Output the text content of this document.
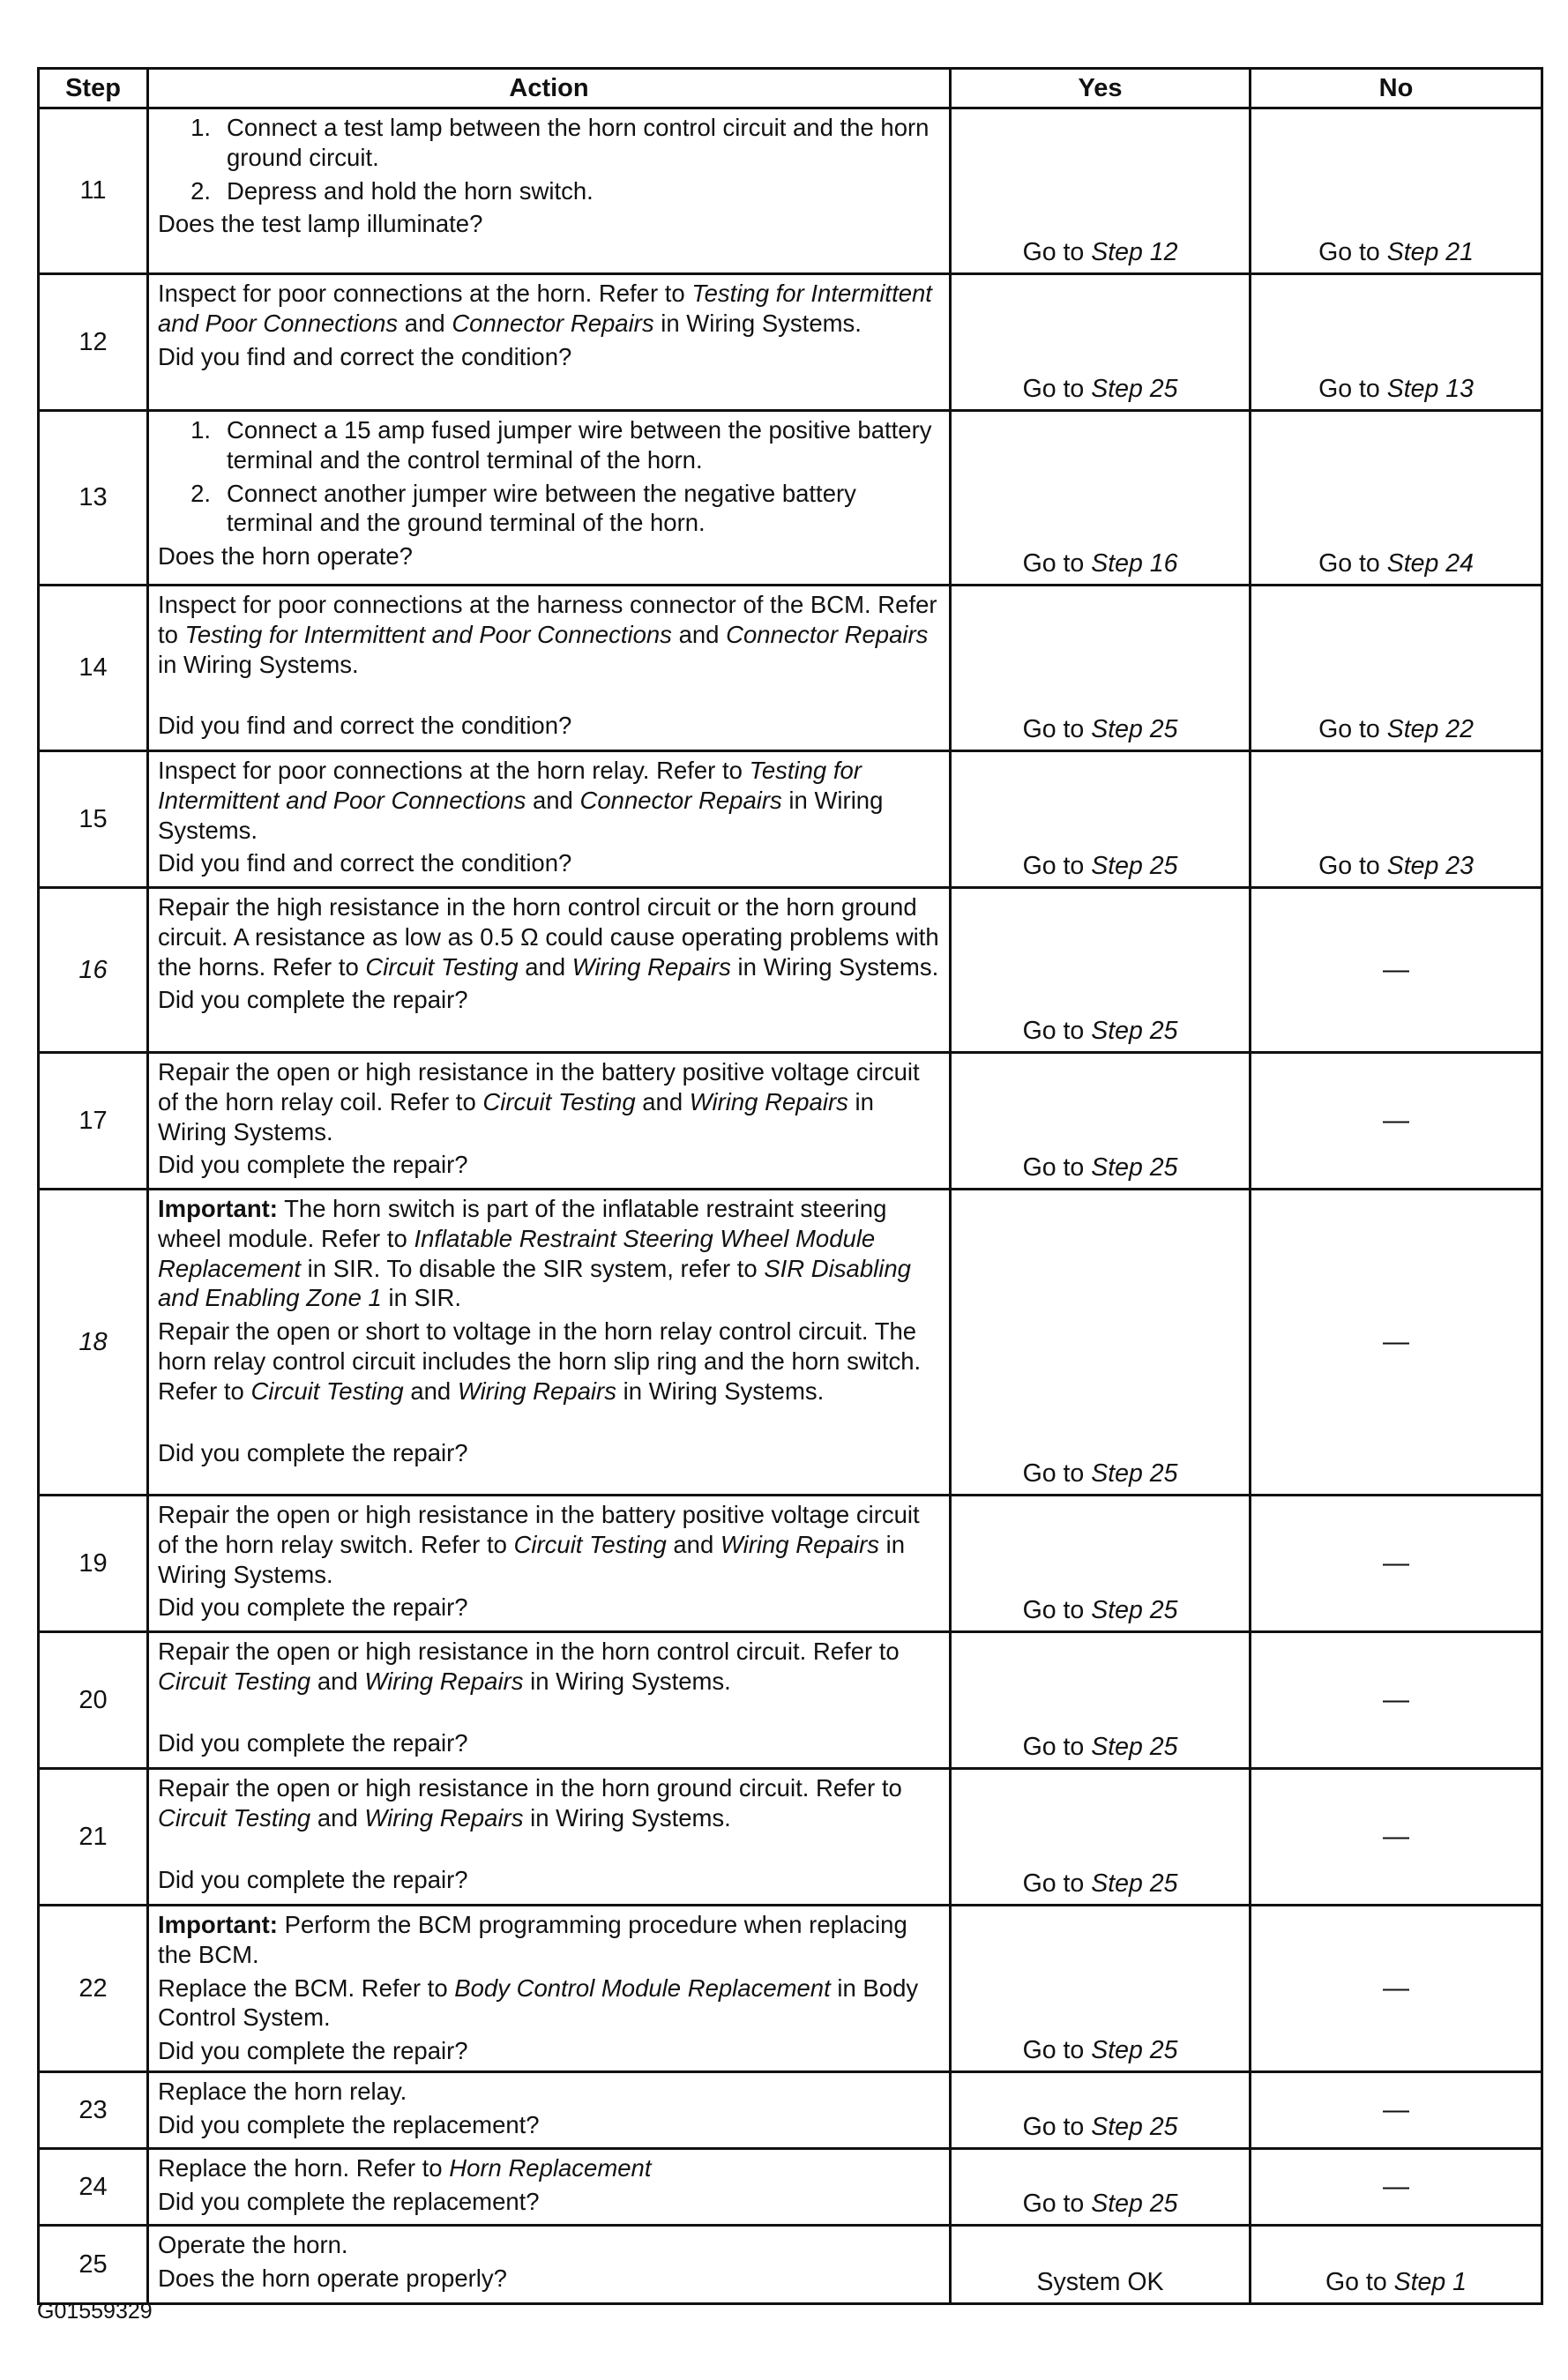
Step	Action	Yes	No
11	1. Connect a test lamp between the horn control circuit and the horn ground circuit.
2. Depress and hold the horn switch.
Does the test lamp illuminate?	Go to Step 12	Go to Step 21
12	Inspect for poor connections at the horn. Refer to Testing for Intermittent and Poor Connections and Connector Repairs in Wiring Systems.
Did you find and correct the condition?	Go to Step 25	Go to Step 13
13	1. Connect a 15 amp fused jumper wire between the positive battery terminal and the control terminal of the horn.
2. Connect another jumper wire between the negative battery terminal and the ground terminal of the horn.
Does the horn operate?	Go to Step 16	Go to Step 24
14	Inspect for poor connections at the harness connector of the BCM. Refer to Testing for Intermittent and Poor Connections and Connector Repairs in Wiring Systems.
Did you find and correct the condition?	Go to Step 25	Go to Step 22
15	Inspect for poor connections at the horn relay. Refer to Testing for Intermittent and Poor Connections and Connector Repairs in Wiring Systems.
Did you find and correct the condition?	Go to Step 25	Go to Step 23
16	Repair the high resistance in the horn control circuit or the horn ground circuit. A resistance as low as 0.5 Ω could cause operating problems with the horns. Refer to Circuit Testing and Wiring Repairs in Wiring Systems.
Did you complete the repair?	Go to Step 25	—
17	Repair the open or high resistance in the battery positive voltage circuit of the horn relay coil. Refer to Circuit Testing and Wiring Repairs in Wiring Systems.
Did you complete the repair?	Go to Step 25	—
18	Important: The horn switch is part of the inflatable restraint steering wheel module. Refer to Inflatable Restraint Steering Wheel Module Replacement in SIR. To disable the SIR system, refer to SIR Disabling and Enabling Zone 1 in SIR.
Repair the open or short to voltage in the horn relay control circuit. The horn relay control circuit includes the horn slip ring and the horn switch. Refer to Circuit Testing and Wiring Repairs in Wiring Systems.
Did you complete the repair?	Go to Step 25	—
19	Repair the open or high resistance in the battery positive voltage circuit of the horn relay switch. Refer to Circuit Testing and Wiring Repairs in Wiring Systems.
Did you complete the repair?	Go to Step 25	—
20	Repair the open or high resistance in the horn control circuit. Refer to Circuit Testing and Wiring Repairs in Wiring Systems.
Did you complete the repair?	Go to Step 25	—
21	Repair the open or high resistance in the horn ground circuit. Refer to Circuit Testing and Wiring Repairs in Wiring Systems.
Did you complete the repair?	Go to Step 25	—
22	Important: Perform the BCM programming procedure when replacing the BCM.
Replace the BCM. Refer to Body Control Module Replacement in Body Control System.
Did you complete the repair?	Go to Step 25	—
23	Replace the horn relay.
Did you complete the replacement?	Go to Step 25	—
24	Replace the horn. Refer to Horn Replacement
Did you complete the replacement?	Go to Step 25	—
25	Operate the horn.
Does the horn operate properly?	System OK	Go to Step 1
G01559329
